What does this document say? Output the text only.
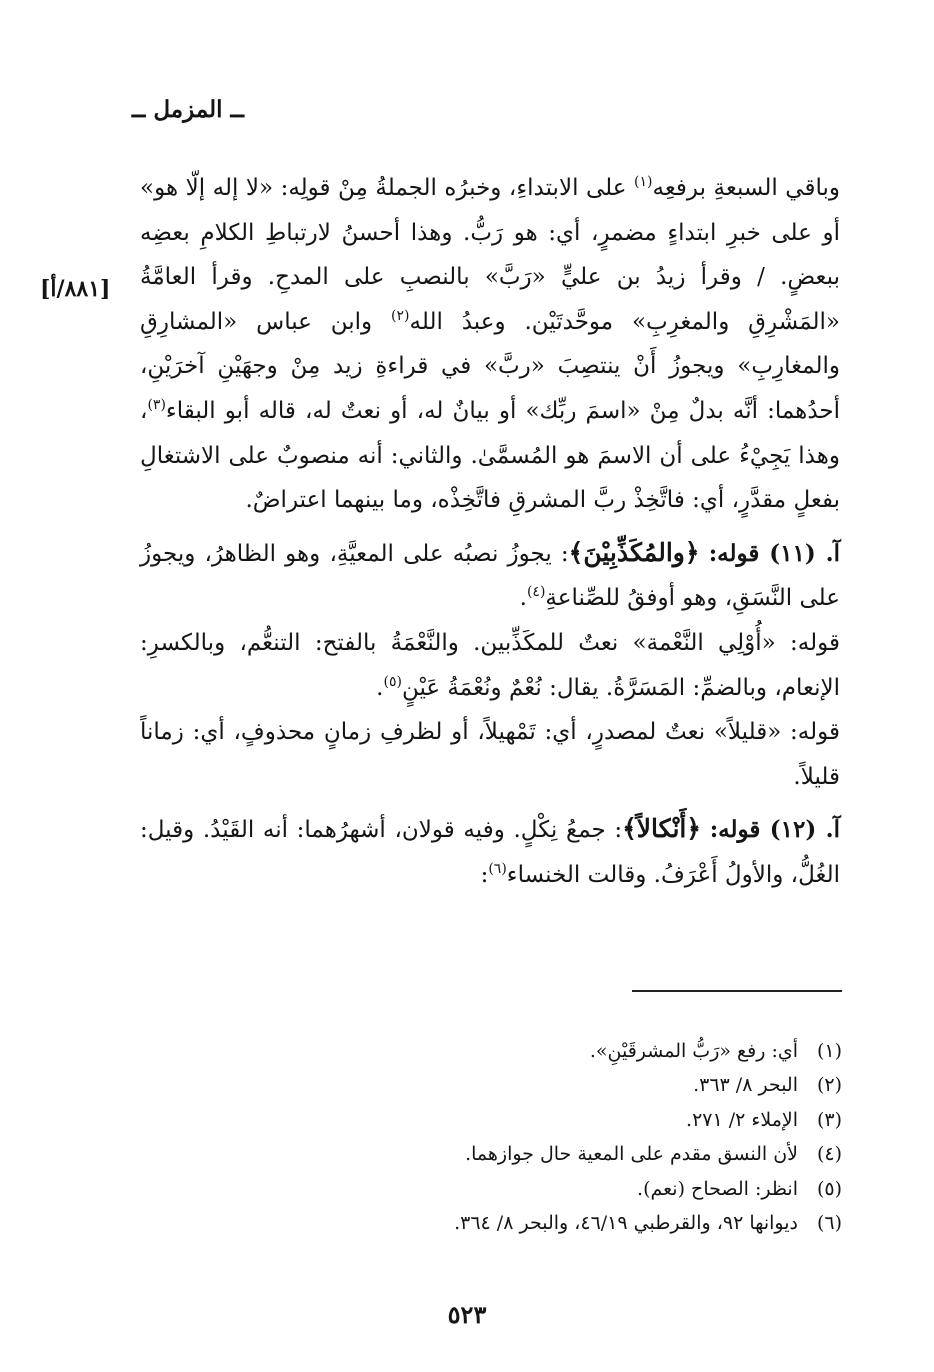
ــ المزمل ــ
[٨٨١/أ]

وباقي السبعةِ برفعِه$^{(١)}$ على الابتداءِ، وخبرُه الجملةُ مِنْ قولِه: «لا إله إلّا هو» أو على خبرِ ابتداءٍ مضمرٍ، أي: هو رَبُّ. وهذا أحسنُ لارتباطِ الكلامِ بعضِه ببعضٍ. / وقرأ زيدُ بن عليٍّ «رَبَّ» بالنصبِ على المدحِ. وقرأ العامَّةُ «المَشْرِقِ والمغرِبِ» موحَّدتَيْن. وعبدُ الله$^{(٢)}$ وابن عباس «المشارِقِ والمغارِبِ» ويجوزُ أَنْ ينتصِبَ «ربَّ» في قراءةِ زيد مِنْ وجهَيْنِ آخرَيْنِ، أحدُهما: أنَّه بدلٌ مِنْ «اسمَ ربِّك» أو بيانٌ له، أو نعتٌ له، قاله أبو البقاء$^{(٣)}$، وهذا يَجِيْءُ على أن الاسمَ هو المُسمَّىٰ. والثاني: أنه منصوبٌ على الاشتغالِ بفعلٍ مقدَّرٍ، أي: فاتَّخِذْ ربَّ المشرقِ فاتَّخِذْه، وما بينهما اعتراضٌ.

آ. (١١) قوله: ﴿والمُكَذِّبِيْنَ﴾: يجوزُ نصبُه على المعيَّةِ، وهو الظاهرُ، ويجوزُ على النَّسَقِ، وهو أوفقُ للصِّناعةِ$^{(٤)}$.

قوله: «أُوْلِي النَّعْمة» نعتٌ للمكَذِّبين. والنَّعْمَةُ بالفتح: التنعُّم، وبالكسرِ: الإنعام، وبالضمِّ: المَسَرَّةُ. يقال: نُعْمٌ ونُعْمَةُ عَيْنٍ$^{(٥)}$.

قوله: «قليلاً» نعتٌ لمصدرٍ، أي: تَمْهيلاً، أو لظرفِ زمانٍ محذوفٍ، أي: زماناً قليلاً.

آ. (١٢) قوله: ﴿أَنْكالاً﴾: جمعُ نِكْلٍ. وفيه قولان، أشهرُهما: أنه القَيْدُ. وقيل: الغُلُّ، والأولُ أَعْرَفُ. وقالت الخنساء$^{(٦)}$:

(١)أي: رفع «رَبُّ المشرقَيْنِ».
(٢)البحر ٨/ ٣٦٣.
(٣)الإملاء ٢/ ٢٧١.
(٤)لأن النسق مقدم على المعية حال جوازهما.
(٥)انظر: الصحاح (نعم).
(٦)ديوانها ٩٢، والقرطبي ٤٦/١٩، والبحر ٨/ ٣٦٤.
٥٢٣
